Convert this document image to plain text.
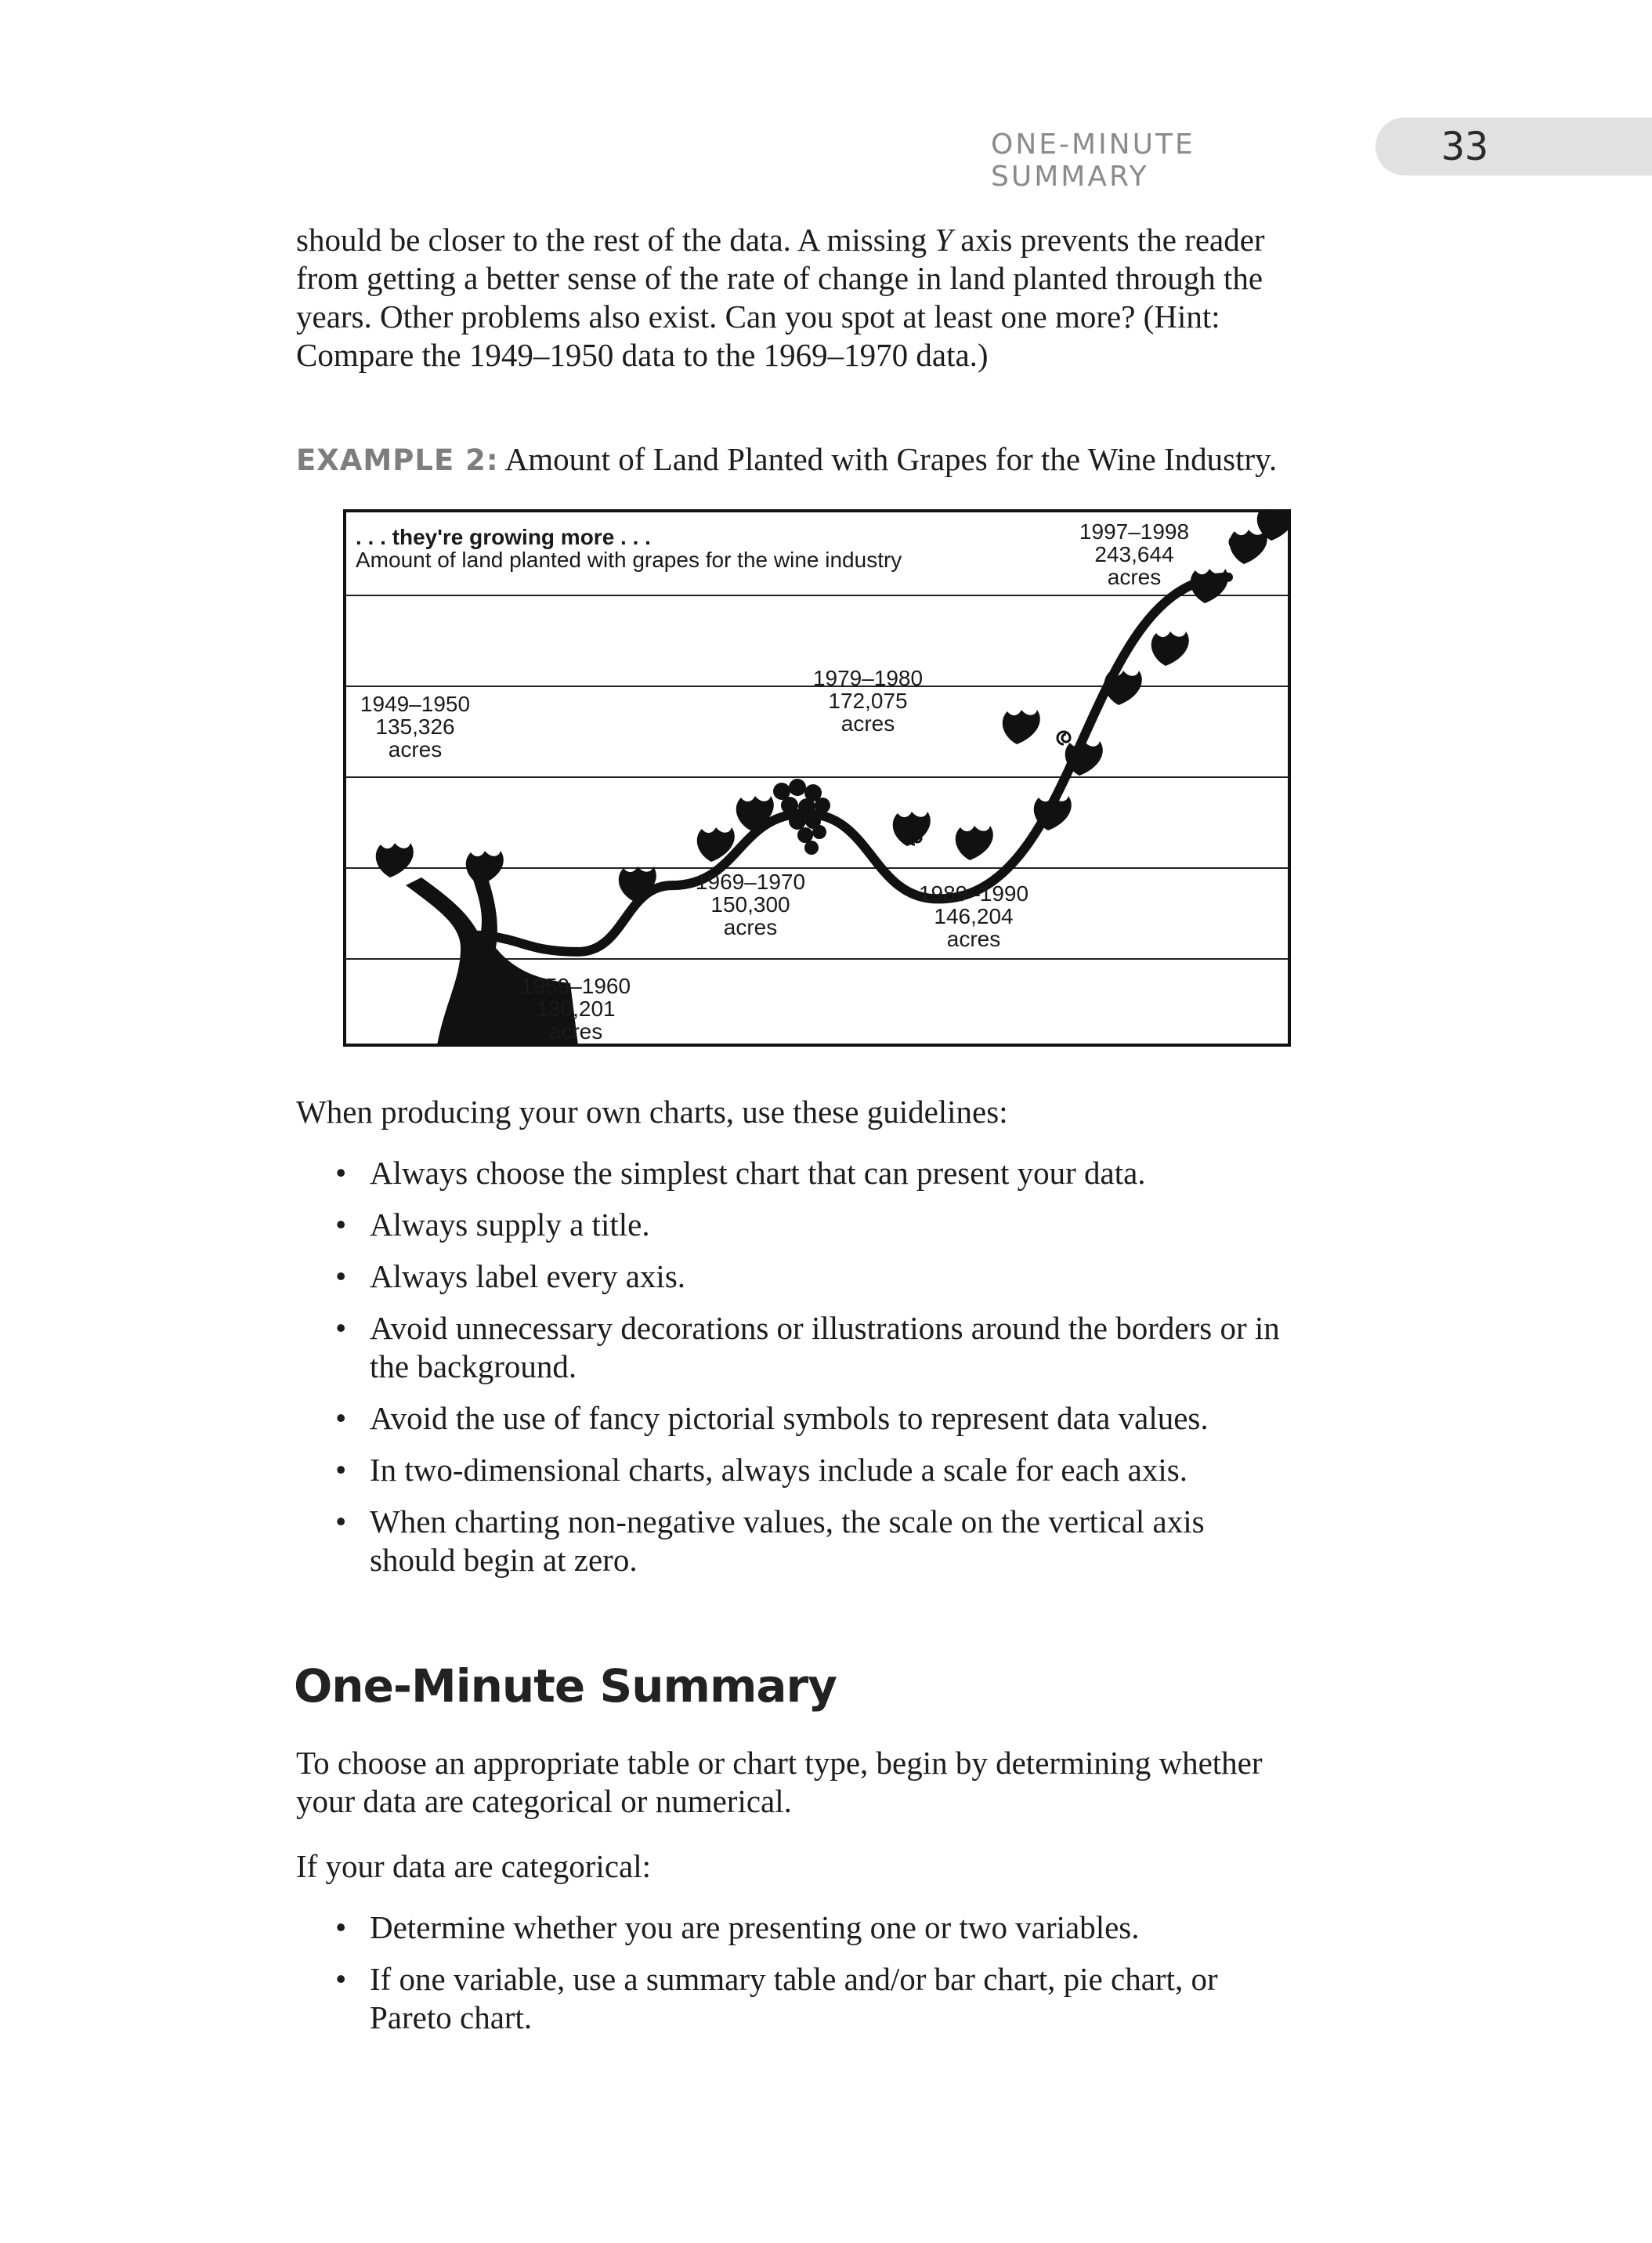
ONE-MINUTE SUMMARY
33

should be closer to the rest of the data. A missing Y axis prevents the reader

from getting a better sense of the rate of change in land planted through the

years. Other problems also exist. Can you spot at least one more? (Hint:

Compare the 1949–1950 data to the 1969–1970 data.)

EXAMPLE 2: Amount of Land Planted with Grapes for the Wine Industry.
. . . they're growing more . . .
Amount of land planted with grapes for the wine industry
1949–1950
135,326
acres
1959–1960
130,201
acres
1969–1970
150,300
acres
1979–1980
172,075
acres
1989–1990
146,204
acres
1997–1998
243,644
acres
When producing your own charts, use these guidelines:
• Always choose the simplest chart that can present your data.
• Always supply a title.
• Always label every axis.
• Avoid unnecessary decorations or illustrations around the borders or in
the background.
• Avoid the use of fancy pictorial symbols to represent data values.
• In two-dimensional charts, always include a scale for each axis.
• When charting non-negative values, the scale on the vertical axis
should begin at zero.
One-Minute Summary

To choose an appropriate table or chart type, begin by determining whether

your data are categorical or numerical.

If your data are categorical:
• Determine whether you are presenting one or two variables.
• If one variable, use a summary table and/or bar chart, pie chart, or
Pareto chart.
